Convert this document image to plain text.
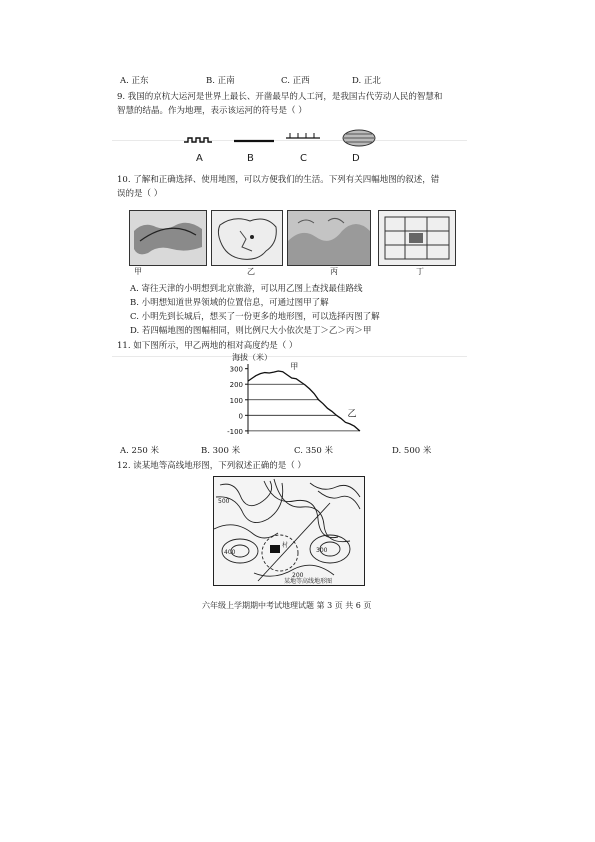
A. 正东	B. 正南	C. 正西	D. 正北
9. 我国的京杭大运河是世界上最长、开凿最早的人工河，是我国古代劳动人民的智慧和
智慧的结晶。作为地理，表示该运河的符号是（ ）
A	B	C	D
10. 了解和正确选择、使用地图，可以方便我们的生活。下列有关四幅地图的叙述，错
误的是（ ）
甲	乙	丙	丁
A. 寄往天津的小明想到北京旅游，可以用乙图上查找最佳路线
B. 小明想知道世界领域的位置信息，可通过图甲了解
C. 小明先到长城后，想买了一份更多的地形图，可以选择丙图了解
D. 若四幅地图的图幅相同，则比例尺大小依次是丁＞乙＞丙＞甲
11. 如下图所示，甲乙两地的相对高度约是（ ）
海拔（米）
300
200
100
0
-100
甲
乙
A. 250 米	B. 300 米	C. 350 米	D. 500 米
12. 读某地等高线地形图，下列叙述正确的是（ ）
500
400	300
200
村
某地等高线地形图
六年级上学期期中考试地理试题 第 3 页 共 6 页
